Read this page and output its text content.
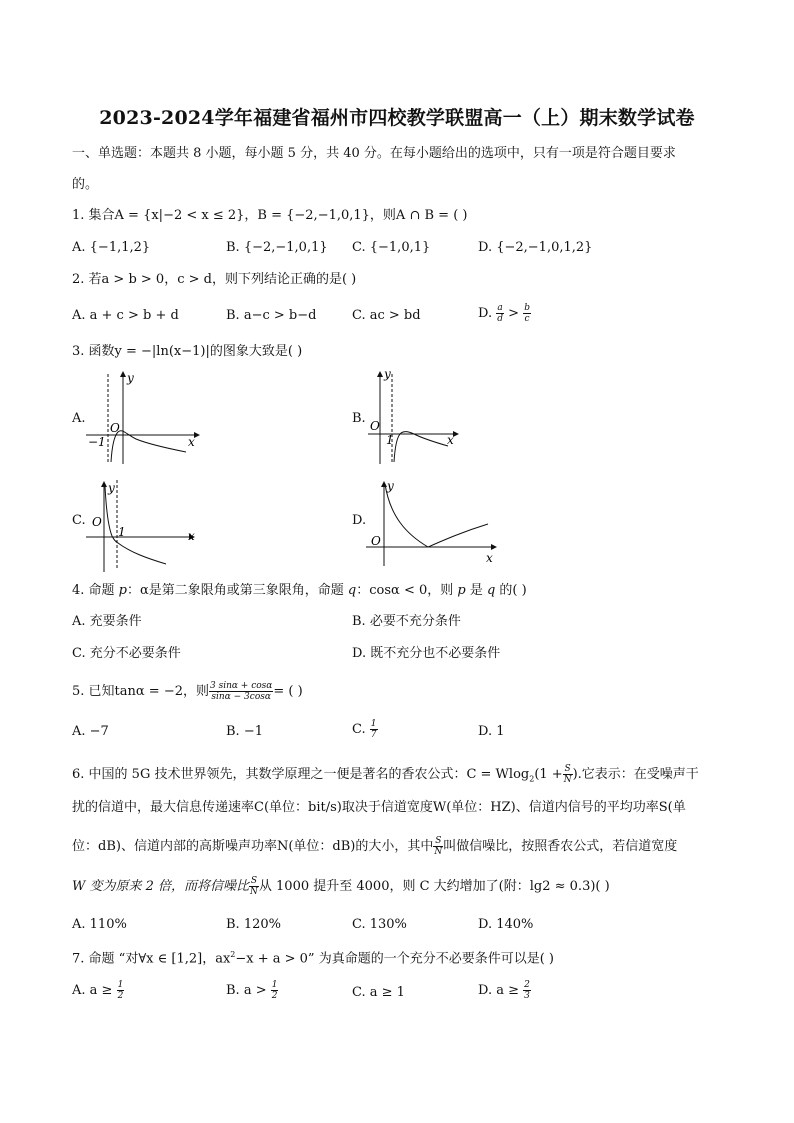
2023-2024学年福建省福州市四校教学联盟高一（上）期末数学试卷
一、单选题：本题共 8 小题，每小题 5 分，共 40 分。在每小题给出的选项中，只有一项是符合题目要求
的。
1. 集合A = {x|−2 < x ≤ 2}，B = {−2,−1,0,1}，则A ∩ B = ( )
A. {−1,1,2}	B. {−2,−1,0,1} C. {−1,0,1}	D. {−2,−1,0,1,2}
2. 若a > b > 0，c > d，则下列结论正确的是( )
A. a + c > b + d	B. a−c > b−d	C. ac > bd	D. $\frac{a}{d} > \frac{b}{c}$
3. 函数y = −|ln(x−1)|的图象大致是( )
A.
y
x
O
−1
B.
y
x
O
1
C.
y
x
O
1
D.
y
x
O
4. 命题 p：α是第二象限角或第三象限角，命题 q：cosα < 0，则 p 是 q 的( )
A. 充要条件	B. 必要不充分条件
C. 充分不必要条件	D. 既不充分也不必要条件
5. 已知tanα = −2，则 $\frac{3 \sin\alpha + \cos\alpha}{\sin\alpha - 3\cos\alpha}$ = ( )
A. −7	B. −1	C. $\frac{1}{7}$	D. 1
6. 中国的 5G 技术世界领先，其数学原理之一便是著名的香农公式：$C = Wlog_2(1 + \frac{S}{N}$ ).它表示：在受噪声干
扰的信道中，最大信息传递速率C(单位：bit/s)取决于信道宽度W(单位：HZ)、信道内信号的平均功率S(单
位：dB)、信道内部的高斯噪声功率N(单位：dB)的大小，其中 $\frac{S}{N}$ 叫做信噪比，按照香农公式，若信道宽度
W 变为原来 2 倍，而将信噪比 $\frac{S}{N}$ 从 1000 提升至 4000，则 C 大约增加了(附：lg2 ≈ 0.3)( )
A. 110%	B. 120%	C. 130%	D. 140%
7. 命题 “对∀x ∈ [1,2]，$ax^2-x + a > 0$” 为真命题的一个充分不必要条件可以是( )
A. $a \ge \frac{1}{2}$	B. $a > \frac{1}{2}$	C. a ≥ 1	D. $a \ge \frac{2}{3}$
